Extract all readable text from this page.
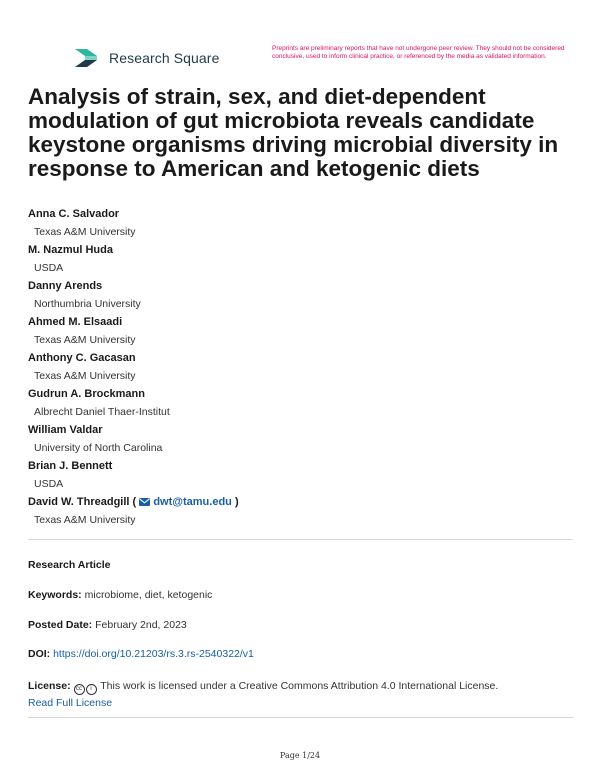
Research Square
Preprints are preliminary reports that have not undergone peer review. They should not be considered conclusive, used to inform clinical practice, or referenced by the media as validated information.
Analysis of strain, sex, and diet-dependent modulation of gut microbiota reveals candidate keystone organisms driving microbial diversity in response to American and ketogenic diets
Anna C. Salvador
Texas A&M University
M. Nazmul Huda
USDA
Danny Arends
Northumbria University
Ahmed M. Elsaadi
Texas A&M University
Anthony C. Gacasan
Texas A&M University
Gudrun A. Brockmann
Albrecht Daniel Thaer-Institut
William Valdar
University of North Carolina
Brian J. Bennett
USDA
David W. Threadgill ( dwt@tamu.edu )
Texas A&M University
Research Article
Keywords: microbiome, diet, ketogenic
Posted Date: February 2nd, 2023
DOI: https://doi.org/10.21203/rs.3.rs-2540322/v1
License: cc i This work is licensed under a Creative Commons Attribution 4.0 International License.
Read Full License
Page 1/24
